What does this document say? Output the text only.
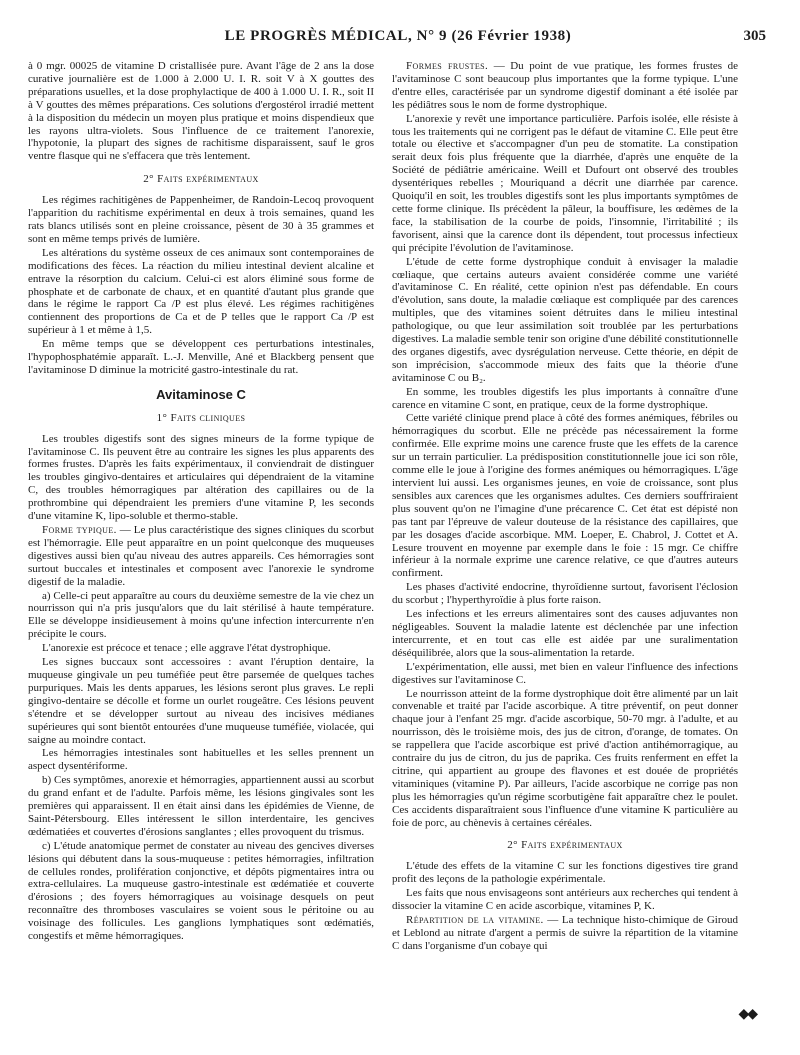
LE PROGRÈS MÉDICAL, N° 9 (26 Février 1938)	305

à 0 mgr. 00025 de vitamine D cristallisée pure. Avant l'âge de 2 ans la dose curative journalière est de 1.000 à 2.000 U. I. R. soit V à X gouttes des préparations usuelles, et la dose prophylactique de 400 à 1.000 U. I. R., soit II à V gouttes des mêmes préparations. Ces solutions d'ergostérol irradié mettent à la disposition du médecin un moyen plus pratique et moins dispendieux que les rayons ultra-violets. Sous l'influence de ce traitement l'anorexie, l'hypotonie, la plupart des signes de rachitisme disparaissent, sauf le gros ventre flasque qui ne s'effacera que très lentement.

2° Faits expérimentaux

Les régimes rachitigènes de Pappenheimer, de Randoin-Lecoq provoquent l'apparition du rachitisme expérimental en deux à trois semaines, quand les rats blancs utilisés sont en pleine croissance, pèsent de 30 à 35 grammes et sont en même temps privés de lumière.

Les altérations du système osseux de ces animaux sont contemporaines de modifications des fèces. La réaction du milieu intestinal devient alcaline et entrave la résorption du calcium. Celui-ci est alors éliminé sous forme de phosphate et de carbonate de chaux, et en quantité d'autant plus grande que dans le régime le rapport Ca /P est plus élevé. Les régimes rachitigènes contiennent des proportions de Ca et de P telles que le rapport Ca /P est supérieur à 1 et même à 1,5.

En même temps que se développent ces perturbations intestinales, l'hypophosphatémie apparaît. L.-J. Menville, Ané et Blackberg pensent que l'avitaminose D diminue la motricité gastro-intestinale du rat.

Avitaminose C

1° Faits cliniques

Les troubles digestifs sont des signes mineurs de la forme typique de l'avitaminose C. Ils peuvent être au contraire les signes les plus apparents des formes frustes. D'après les faits expérimentaux, il conviendrait de distinguer les troubles gingivo-dentaires et articulaires qui dépendraient de la vitamine C, des troubles hémorragiques par altération des capillaires ou de la prothrombine qui dépendraient les premiers d'une vitamine P, les seconds d'une vitamine K, lipo-soluble et thermo-stable.

Forme typique. — Le plus caractéristique des signes cliniques du scorbut est l'hémorragie. Elle peut apparaître en un point quelconque des muqueuses digestives aussi bien qu'au niveau des autres appareils. Ces hémorragies sont surtout buccales et intestinales et composent avec l'anorexie le syndrome digestif de la maladie.

a) Celle-ci peut apparaître au cours du deuxième semestre de la vie chez un nourrisson qui n'a pris jusqu'alors que du lait stérilisé à haute température. Elle se développe insidieusement à moins qu'une infection intercurrente n'en précipite le cours.

L'anorexie est précoce et tenace ; elle aggrave l'état dystrophique.

Les signes buccaux sont accessoires : avant l'éruption dentaire, la muqueuse gingivale un peu tuméfiée peut être parsemée de quelques taches purpuriques. Mais les dents apparues, les lésions seront plus graves. Le repli gingivo-dentaire se décolle et forme un ourlet rougeâtre. Ces lésions peuvent s'étendre et se développer surtout au niveau des incisives médianes supérieures qui sont bientôt entourées d'une muqueuse tuméfiée, violacée, qui saigne au moindre contact.

Les hémorragies intestinales sont habituelles et les selles prennent un aspect dysentériforme.

b) Ces symptômes, anorexie et hémorragies, appartiennent aussi au scorbut du grand enfant et de l'adulte. Parfois même, les lésions gingivales sont les premières qui apparaissent. Il en était ainsi dans les épidémies de Vienne, de Saint-Pétersbourg. Elles intéressent le sillon interdentaire, les gencives œdématiées et couvertes d'érosions sanglantes ; elles provoquent du trismus.

c) L'étude anatomique permet de constater au niveau des gencives diverses lésions qui débutent dans la sous-muqueuse : petites hémorragies, infiltration de cellules rondes, prolifération conjonctive, et dépôts pigmentaires intra ou extra-cellulaires. La muqueuse gastro-intestinale est œdématiée et couverte d'érosions ; des foyers hémorragiques au voisinage desquels on peut reconnaître des thromboses vasculaires se voient sous le péritoine ou au voisinage des follicules. Les ganglions lymphatiques sont œdématiés, congestifs et même hémorragiques.

Formes frustes. — Du point de vue pratique, les formes frustes de l'avitaminose C sont beaucoup plus importantes que la forme typique. L'une d'entre elles, caractérisée par un syndrome digestif dominant a été isolée par les pédiâtres sous le nom de forme dystrophique.

L'anorexie y revêt une importance particulière. Parfois isolée, elle résiste à tous les traitements qui ne corrigent pas le défaut de vitamine C. Elle peut être totale ou élective et s'accompagner d'un peu de stomatite. La constipation serait deux fois plus fréquente que la diarrhée, d'après une enquête de la Société de pédiâtrie américaine. Weill et Dufourt ont observé des troubles dysentériques rebelles ; Mouriquand a décrit une diarrhée par carence. Quoiqu'il en soit, les troubles digestifs sont les plus importants symptômes de cette forme clinique. Ils précèdent la pâleur, la bouffisure, les œdèmes de la face, la stabilisation de la courbe de poids, l'insomnie, l'irritabilité ; ils favorisent, ainsi que la carence dont ils dépendent, tout processus infectieux qui précipite l'évolution de l'avitaminose.

L'étude de cette forme dystrophique conduit à envisager la maladie cœliaque, que certains auteurs avaient considérée comme une variété d'avitaminose C. En réalité, cette opinion n'est pas défendable. En cours d'évolution, sans doute, la maladie cœliaque est compliquée par des carences multiples, que des vitamines soient détruites dans le milieu intestinal pathologique, ou que leur assimilation soit troublée par les perturbations digestives. La maladie semble tenir son origine d'une débilité constitutionnelle des organes digestifs, avec dysrégulation nerveuse. Cette théorie, en dépit de son imprécision, s'accommode mieux des faits que la théorie d'une avitaminose C ou B₂.

En somme, les troubles digestifs les plus importants à connaître d'une carence en vitamine C sont, en pratique, ceux de la forme dystrophique.

Cette variété clinique prend place à côté des formes anémiques, fébriles ou hémorragiques du scorbut. Elle ne précède pas nécessairement la forme confirmée. Elle exprime moins une carence fruste que les effets de la carence sur un terrain particulier. La prédisposition constitutionnelle joue ici son rôle, comme elle le joue à l'origine des formes anémiques ou hémorragiques. L'âge intervient lui aussi. Les organismes jeunes, en voie de croissance, sont plus sensibles aux carences que les organismes adultes. Ces derniers souffriraient plus souvent qu'on ne l'imagine d'une précarence C. Cet état est dépisté non pas tant par l'épreuve de valeur douteuse de la résistance des capillaires, que par les dosages d'acide ascorbique. MM. Loeper, E. Chabrol, J. Cottet et A. Lesure trouvent en moyenne par exemple dans le foie : 15 mgr. Ce chiffre inférieur à la normale exprime une carence relative, ce que d'autres auteurs confirment.

Les phases d'activité endocrine, thyroïdienne surtout, favorisent l'éclosion du scorbut ; l'hyperthyroïdie à plus forte raison.

Les infections et les erreurs alimentaires sont des causes adjuvantes non négligeables. Souvent la maladie latente est déclenchée par une infection intercurrente, et en tout cas elle est aidée par une suralimentation déséquilibrée, alors que la sous-alimentation la retarde.

L'expérimentation, elle aussi, met bien en valeur l'influence des infections digestives sur l'avitaminose C.

Le nourrisson atteint de la forme dystrophique doit être alimenté par un lait convenable et traité par l'acide ascorbique. A titre préventif, on peut donner chaque jour à l'enfant 25 mgr. d'acide ascorbique, 50-70 mgr. à l'adulte, et au nourrisson, dès le troisième mois, des jus de citron, d'orange, de tomates. On se rappellera que l'acide ascorbique est privé d'action antihémorragique, au contraire du jus de citron, du jus de paprika. Ces fruits renferment en effet la citrine, qui appartient au groupe des flavones et est douée de propriétés vitaminiques (vitamine P). Par ailleurs, l'acide ascorbique ne corrige pas non plus les hémorragies qu'un régime scorbutigène fait apparaître chez le poulet. Ces accidents disparaîtraient sous l'influence d'une vitamine K particulière au foie de porc, au chènevis à certaines céréales.

2° Faits expérimentaux

L'étude des effets de la vitamine C sur les fonctions digestives tire grand profit des leçons de la pathologie expérimentale.

Les faits que nous envisageons sont antérieurs aux recherches qui tendent à dissocier la vitamine C en acide ascorbique, vitamines P, K.

Répartition de la vitamine. — La technique histo-chimique de Giroud et Leblond au nitrate d'argent a permis de suivre la répartition de la vitamine C dans l'organisme d'un cobaye qui

◆◆
